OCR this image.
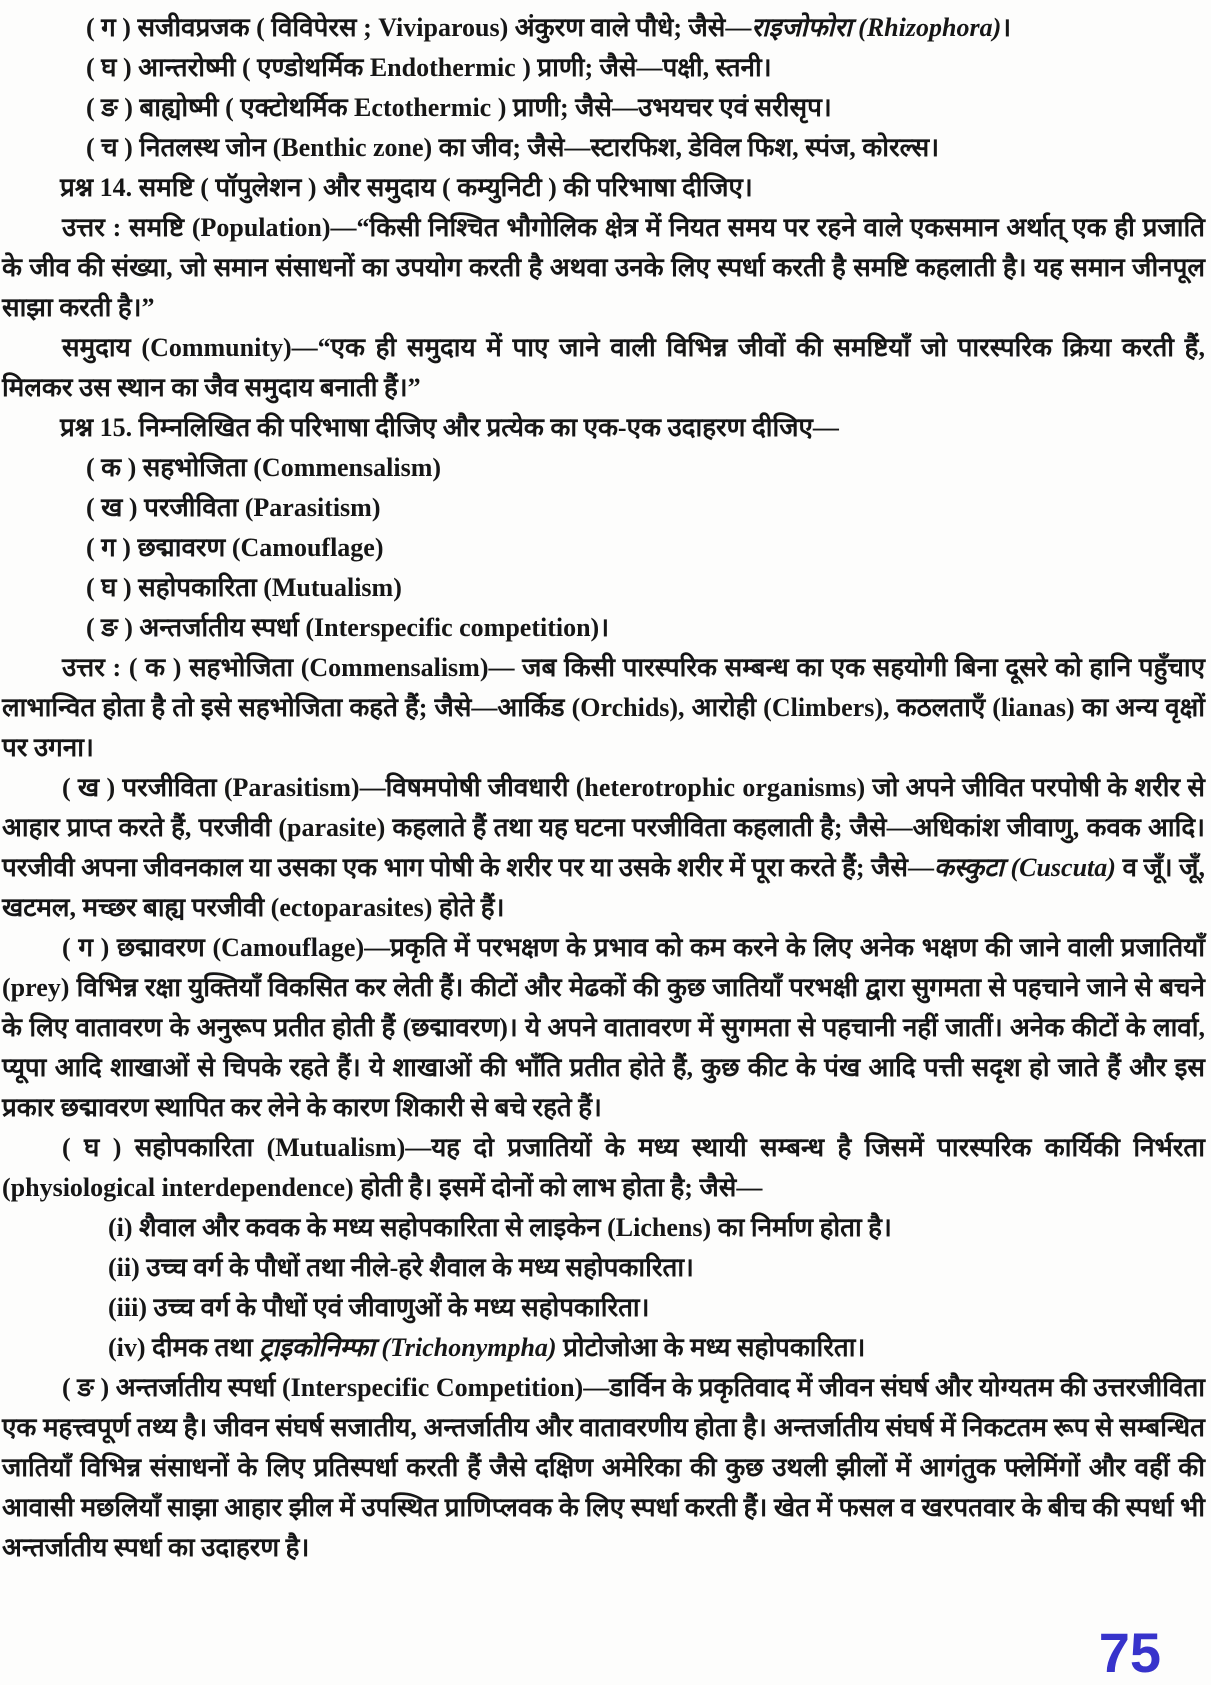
( ग ) सजीवप्रजक ( विविपेरस ; Viviparous) अंकुरण वाले पौधे; जैसे—राइजोफोरा (Rhizophora)।

( घ ) आन्तरोष्मी ( एण्डोथर्मिक Endothermic ) प्राणी; जैसे—पक्षी, स्तनी।

( ङ ) बाह्योष्मी ( एक्टोथर्मिक Ectothermic ) प्राणी; जैसे—उभयचर एवं सरीसृप।

( च ) नितलस्थ जोन (Benthic zone) का जीव; जैसे—स्टारफिश, डेविल फिश, स्पंज, कोरल्स।

प्रश्न 14. समष्टि ( पॉपुलेशन ) और समुदाय ( कम्युनिटी ) की परिभाषा दीजिए।

उत्तर : समष्टि (Population)—“किसी निश्चित भौगोलिक क्षेत्र में नियत समय पर रहने वाले एकसमान अर्थात् एक ही प्रजाति के जीव की संख्या, जो समान संसाधनों का उपयोग करती है अथवा उनके लिए स्पर्धा करती है समष्टि कहलाती है। यह समान जीनपूल साझा करती है।”

समुदाय (Community)—“एक ही समुदाय में पाए जाने वाली विभिन्न जीवों की समष्टियाँ जो पारस्परिक क्रिया करती हैं, मिलकर उस स्थान का जैव समुदाय बनाती हैं।”

प्रश्न 15. निम्नलिखित की परिभाषा दीजिए और प्रत्येक का एक-एक उदाहरण दीजिए—

( क ) सहभोजिता (Commensalism)

( ख ) परजीविता (Parasitism)

( ग ) छद्मावरण (Camouflage)

( घ ) सहोपकारिता (Mutualism)

( ङ ) अन्तर्जातीय स्पर्धा (Interspecific competition)।

उत्तर : ( क ) सहभोजिता (Commensalism)— जब किसी पारस्परिक सम्बन्ध का एक सहयोगी बिना दूसरे को हानि पहुँचाए लाभान्वित होता है तो इसे सहभोजिता कहते हैं; जैसे—आर्किड (Orchids), आरोही (Climbers), कठलताएँ (lianas) का अन्य वृक्षों पर उगना।

( ख ) परजीविता (Parasitism)—विषमपोषी जीवधारी (heterotrophic organisms) जो अपने जीवित परपोषी के शरीर से आहार प्राप्त करते हैं, परजीवी (parasite) कहलाते हैं तथा यह घटना परजीविता कहलाती है; जैसे—अधिकांश जीवाणु, कवक आदि। परजीवी अपना जीवनकाल या उसका एक भाग पोषी के शरीर पर या उसके शरीर में पूरा करते हैं; जैसे—कस्कुटा (Cuscuta) व जूँ। जूँ, खटमल, मच्छर बाह्य परजीवी (ectoparasites) होते हैं।

( ग ) छद्मावरण (Camouflage)—प्रकृति में परभक्षण के प्रभाव को कम करने के लिए अनेक भक्षण की जाने वाली प्रजातियाँ (prey) विभिन्न रक्षा युक्तियाँ विकसित कर लेती हैं। कीटों और मेढकों की कुछ जातियाँ परभक्षी द्वारा सुगमता से पहचाने जाने से बचने के लिए वातावरण के अनुरूप प्रतीत होती हैं (छद्मावरण)। ये अपने वातावरण में सुगमता से पहचानी नहीं जातीं। अनेक कीटों के लार्वा, प्यूपा आदि शाखाओं से चिपके रहते हैं। ये शाखाओं की भाँति प्रतीत होते हैं, कुछ कीट के पंख आदि पत्ती सदृश हो जाते हैं और इस प्रकार छद्मावरण स्थापित कर लेने के कारण शिकारी से बचे रहते हैं।

( घ ) सहोपकारिता (Mutualism)—यह दो प्रजातियों के मध्य स्थायी सम्बन्ध है जिसमें पारस्परिक कार्यिकी निर्भरता (physiological interdependence) होती है। इसमें दोनों को लाभ होता है; जैसे—

(i) शैवाल और कवक के मध्य सहोपकारिता से लाइकेन (Lichens) का निर्माण होता है।

(ii) उच्च वर्ग के पौधों तथा नीले-हरे शैवाल के मध्य सहोपकारिता।

(iii) उच्च वर्ग के पौधों एवं जीवाणुओं के मध्य सहोपकारिता।

(iv) दीमक तथा ट्राइकोनिम्फा (Trichonympha) प्रोटोजोआ के मध्य सहोपकारिता।

( ङ ) अन्तर्जातीय स्पर्धा (Interspecific Competition)—डार्विन के प्रकृतिवाद में जीवन संघर्ष और योग्यतम की उत्तरजीविता एक महत्त्वपूर्ण तथ्य है। जीवन संघर्ष सजातीय, अन्तर्जातीय और वातावरणीय होता है। अन्तर्जातीय संघर्ष में निकटतम रूप से सम्बन्धित जातियाँ विभिन्न संसाधनों के लिए प्रतिस्पर्धा करती हैं जैसे दक्षिण अमेरिका की कुछ उथली झीलों में आगंतुक फ्लेमिंगों और वहीं की आवासी मछलियाँ साझा आहार झील में उपस्थित प्राणिप्लवक के लिए स्पर्धा करती हैं। खेत में फसल व खरपतवार के बीच की स्पर्धा भी अन्तर्जातीय स्पर्धा का उदाहरण है।

75
